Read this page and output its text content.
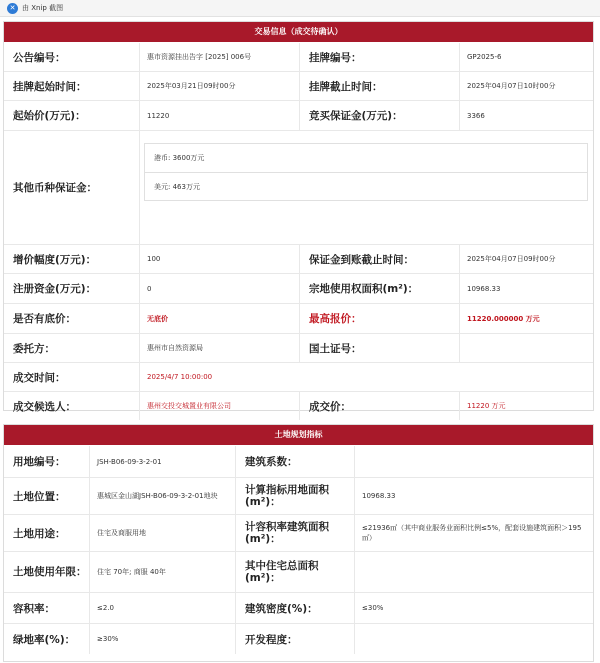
✕ 由 Xnip 截图
交易信息（成交待确认）
公告编号：	惠市资源挂出告字 [2025] 006号	挂牌编号：	GP2025-6
挂牌起始时间：	2025年03月21日09时00分	挂牌截止时间：	2025年04月07日10时00分
起始价(万元)：	11220	竞买保证金(万元)：	3366
其他币种保证金：
港币: 3600万元
美元: 463万元
增价幅度(万元)：	100	保证金到账截止时间：	2025年04月07日09时00分
注册资金(万元)：	0	宗地使用权面积(m²)：	10968.33
是否有底价：	无底价	最高报价：	11220.000000 万元
委托方：	惠州市自然资源局	国土证号：
成交时间：	2025/4/7 10:00:00
成交候选人：	惠州交投交城置业有限公司	成交价：	11220 万元
土地规划指标
用地编号：	JSH-B06-09-3-2-01	建筑系数：
土地位置：	惠城区金山湖JSH-B06-09-3-2-01地块	计算指标用地面积(m²)：	10968.33
土地用途：	住宅及商服用地	计容积率建筑面积(m²)：
≤21936㎡（其中商业服务业面积比例≤5%，配套设施建筑面积＞195㎡）
土地使用年限：	住宅 70年; 商服 40年	其中住宅总面积(m²)：
容积率：	≤2.0	建筑密度(%)：	≤30%
绿地率(%)：	≥30%	开发程度：
